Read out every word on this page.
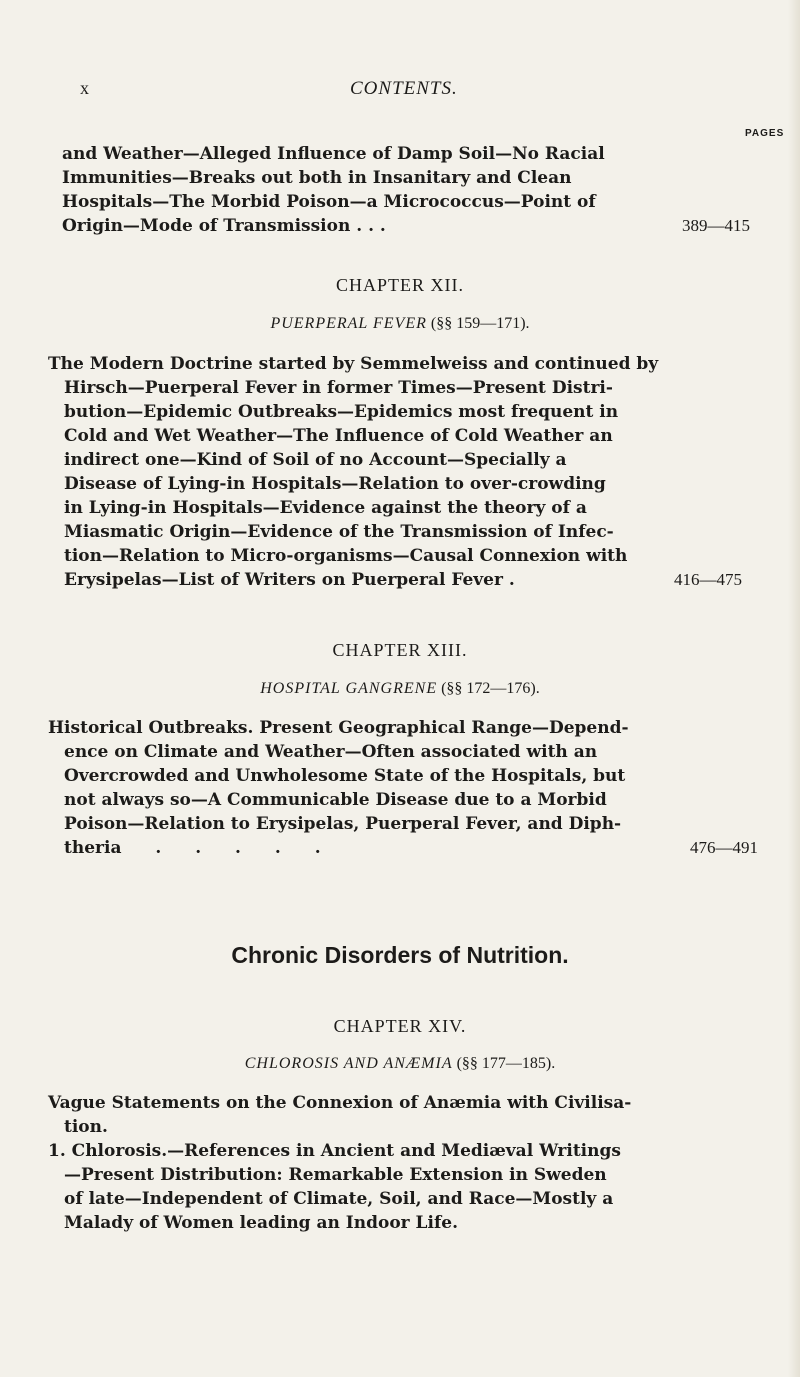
x	CONTENTS.
PAGES
and Weather—Alleged Influence of Damp Soil—No Racial
Immunities—Breaks out both in Insanitary and Clean
Hospitals—The Morbid Poison—a Micrococcus—Point of
Origin—Mode of Transmission . . .	389—415
CHAPTER XII.
PUERPERAL FEVER (§§ 159—171).
The Modern Doctrine started by Semmelweiss and continued by
Hirsch—Puerperal Fever in former Times—Present Distri-
bution—Epidemic Outbreaks—Epidemics most frequent in
Cold and Wet Weather—The Influence of Cold Weather an
indirect one—Kind of Soil of no Account—Specially a
Disease of Lying-in Hospitals—Relation to over-crowding
in Lying-in Hospitals—Evidence against the theory of a
Miasmatic Origin—Evidence of the Transmission of Infec-
tion—Relation to Micro-organisms—Causal Connexion with
Erysipelas—List of Writers on Puerperal Fever .	416—475
CHAPTER XIII.
HOSPITAL GANGRENE (§§ 172—176).
Historical Outbreaks. Present Geographical Range—Depend-
ence on Climate and Weather—Often associated with an
Overcrowded and Unwholesome State of the Hospitals, but
not always so—A Communicable Disease due to a Morbid
Poison—Relation to Erysipelas, Puerperal Fever, and Diph-
theria . . . . .	476—491
Chronic Disorders of Nutrition.
CHAPTER XIV.
CHLOROSIS AND ANÆMIA (§§ 177—185).
Vague Statements on the Connexion of Anæmia with Civilisa-
tion.
1. Chlorosis.—References in Ancient and Mediæval Writings
—Present Distribution: Remarkable Extension in Sweden
of late—Independent of Climate, Soil, and Race—Mostly a
Malady of Women leading an Indoor Life.
